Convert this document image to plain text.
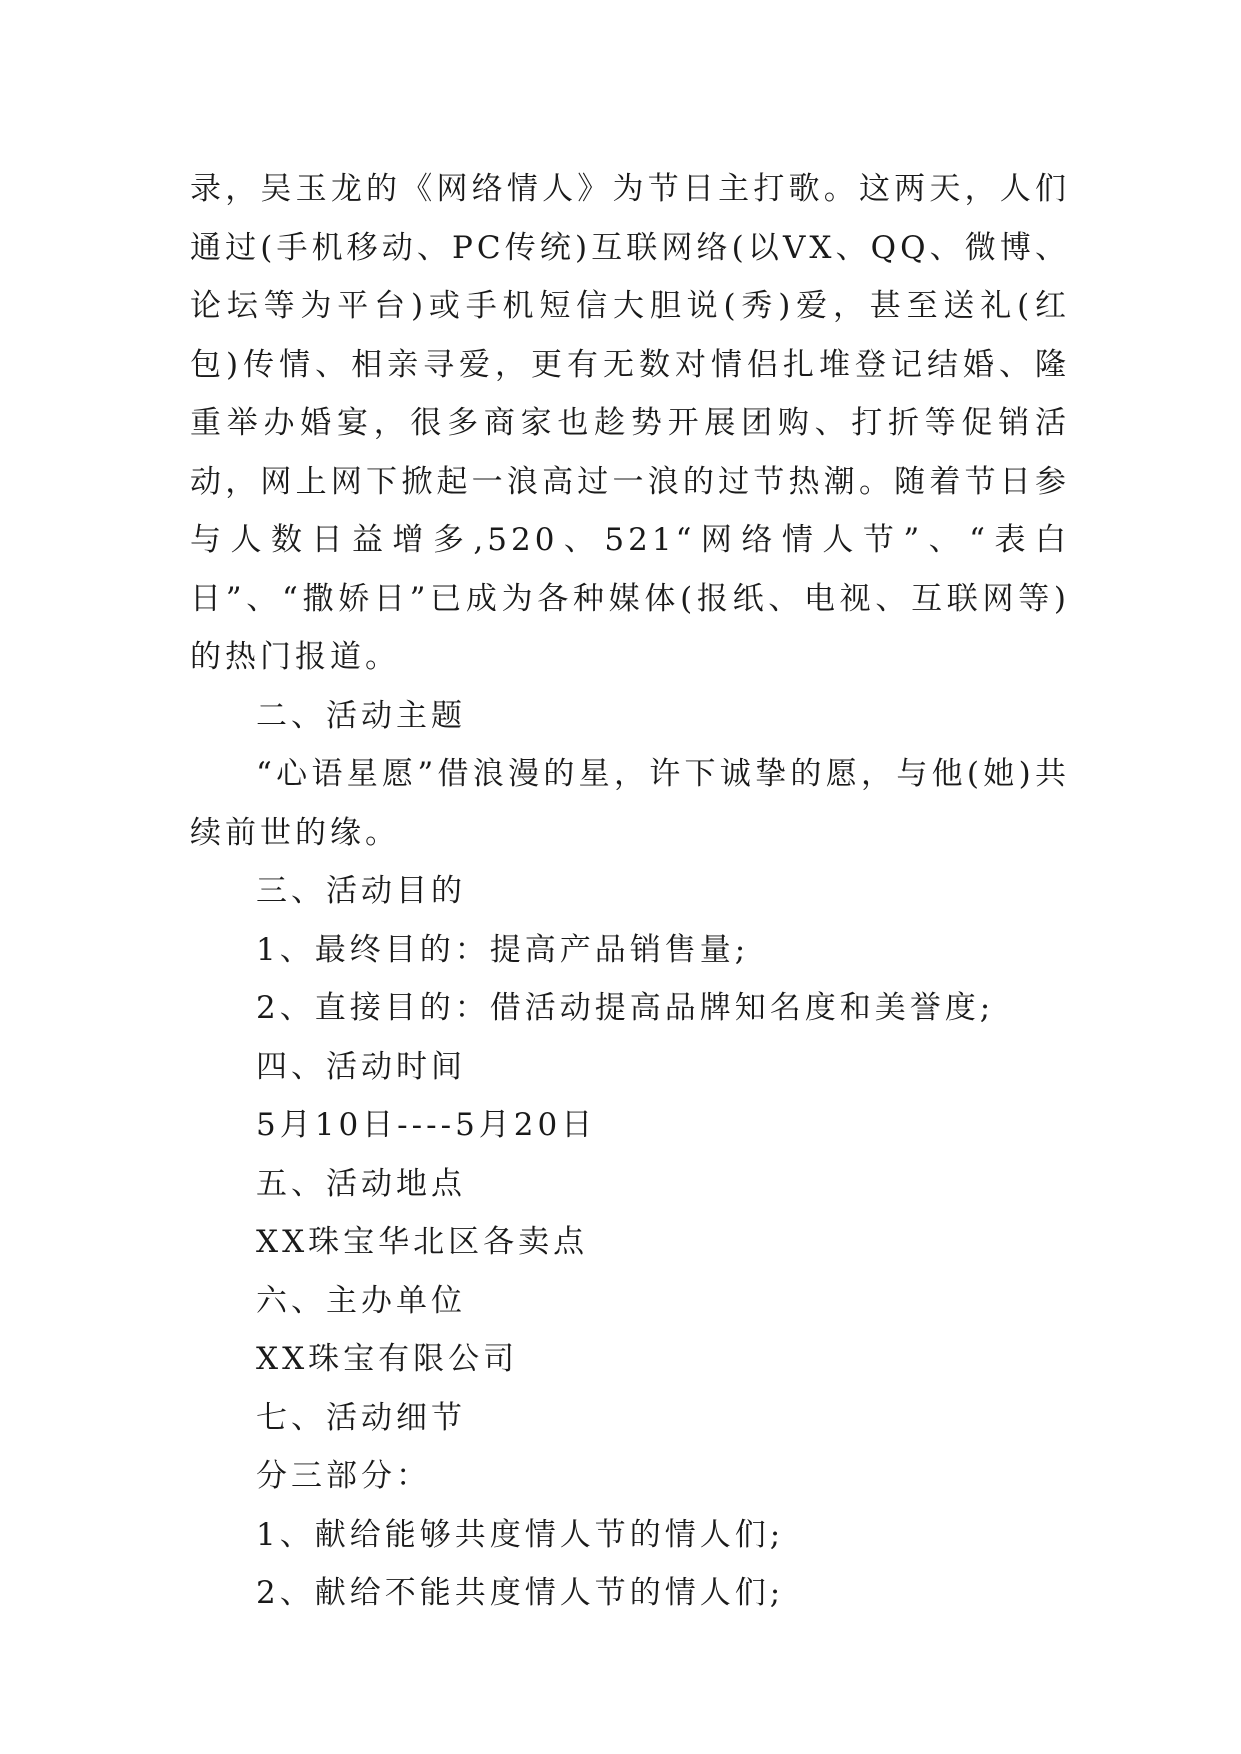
录，吴玉龙的《网络情人》为节日主打歌。这两天，人们通过(手机移动、PC传统)互联网络(以VX、QQ、微博、论坛等为平台)或手机短信大胆说(秀)爱，甚至送礼(红包)传情、相亲寻爱，更有无数对情侣扎堆登记结婚、隆重举办婚宴，很多商家也趁势开展团购、打折等促销活动，网上网下掀起一浪高过一浪的过节热潮。随着节日参与人数日益增多,520、521“网络情人节”、“表白日”、“撒娇日”已成为各种媒体(报纸、电视、互联网等)的热门报道。

二、活动主题

“心语星愿”借浪漫的星，许下诚挚的愿，与他(她)共续前世的缘。

三、活动目的

1、最终目的：提高产品销售量;

2、直接目的：借活动提高品牌知名度和美誉度;

四、活动时间

5月10日----5月20日

五、活动地点

XX珠宝华北区各卖点

六、主办单位

XX珠宝有限公司

七、活动细节

分三部分：

1、献给能够共度情人节的情人们;

2、献给不能共度情人节的情人们;
